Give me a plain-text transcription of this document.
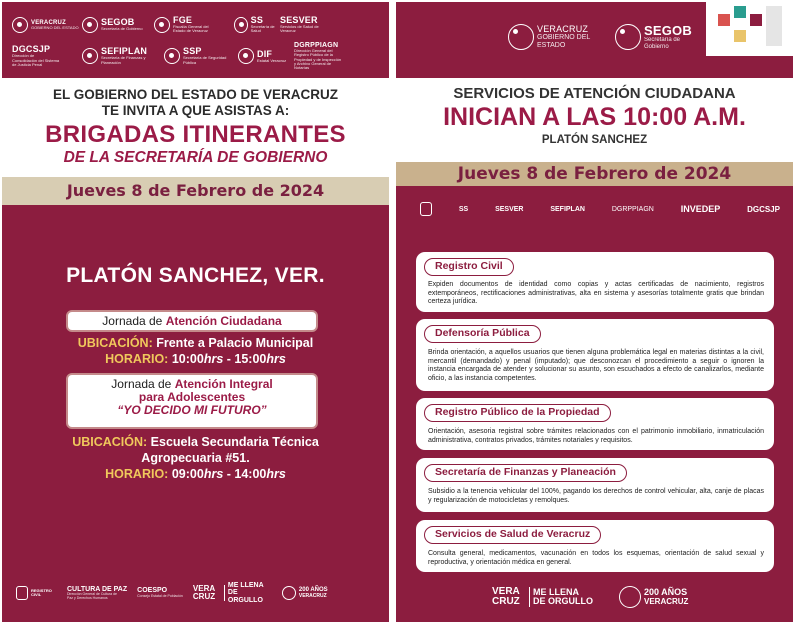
VERACRUZ
GOBIERNO DEL ESTADO SEGOB
Secretaría de Gobierno
FGE
Fiscalía General del Estado de Veracruz
SS
Secretaría de Salud
SESVER
Servicios de Salud de Veracruz
DGCSJP
Dirección de Consolidación del Sistema de Justicia Penal
SEFIPLAN
Secretaría de Finanzas y Planeación
SSP
Secretaría de Seguridad Pública
DIF
Estatal Veracruz
DGRPPIAGN
Dirección General del Registro Público de la Propiedad y de Inspección y Archivo General de Notarías
EL GOBIERNO DEL ESTADO DE VERACRUZ
TE INVITA A QUE ASISTAS A:
BRIGADAS ITINERANTES
DE LA SECRETARÍA DE GOBIERNO
Jueves 8 de Febrero de 2024
PLATÓN SANCHEZ, VER.
Jornada de Atención Ciudadana
UBICACIÓN: Frente a Palacio Municipal
HORARIO: 10:00hrs - 15:00hrs
Jornada de Atención Integral
para Adolescentes
“YO DECIDO MI FUTURO”
UBICACIÓN: Escuela Secundaria Técnica
Agropecuaria #51.
HORARIO: 09:00hrs - 14:00hrs
REGISTRO CIVIL
CULTURA DE PAZ
Dirección General de Cultura de Paz y Derechos Humanos
COESPO
Consejo Estatal de Población
VERA CRUZ
ME LLENA DE ORGULLO
200 AÑOS
VERACRUZ
VERACRUZ
GOBIERNO DEL ESTADO
SEGOB
Secretaría de Gobierno
SERVICIOS DE ATENCIÓN CIUDADANA
INICIAN A LAS 10:00 A.M.
PLATÓN SANCHEZ
Jueves 8 de Febrero de 2024
SS	SESVER	SEFIPLAN	DGRPPIAGN	INVEDEP	DGCSJP
Registro Civil
Expiden documentos de identidad como copias y actas certificadas de nacimiento, registros extemporáneos, rectificaciones administrativas, alta en sistema y asesorías totalmente gratis que brindan certeza jurídica.
Defensoría Pública
Brinda orientación, a aquellos usuarios que tienen alguna problemática legal en materias distintas a la civil, mercantil (demandado) y penal (imputado); que desconozcan el procedimiento a seguir o ignoren la instancia encargada de atender y solucionar su asunto, son escuchados a efecto de canalizarlos, mediante oficio, a las instancia competentes.
Registro Público de la Propiedad
Orientación, asesoria registral sobre trámites relacionados con el patrimonio inmobiliario, inmatriculación administrativa, contratos privados, trámites notariales y requisitos.
Secretaría de Finanzas y Planeación
Subsidio a la tenencia vehicular del 100%, pagando los derechos de control vehicular, alta, canje de placas y regularización de motocicletas y remolques.
Servicios de Salud de Veracruz
Consulta general, medicamentos, vacunación en todos los esquemas, orientación de salud sexual y reproductiva, y orientación médica en general.
VERA CRUZ
ME LLENA DE ORGULLO
200 AÑOS
VERACRUZ
